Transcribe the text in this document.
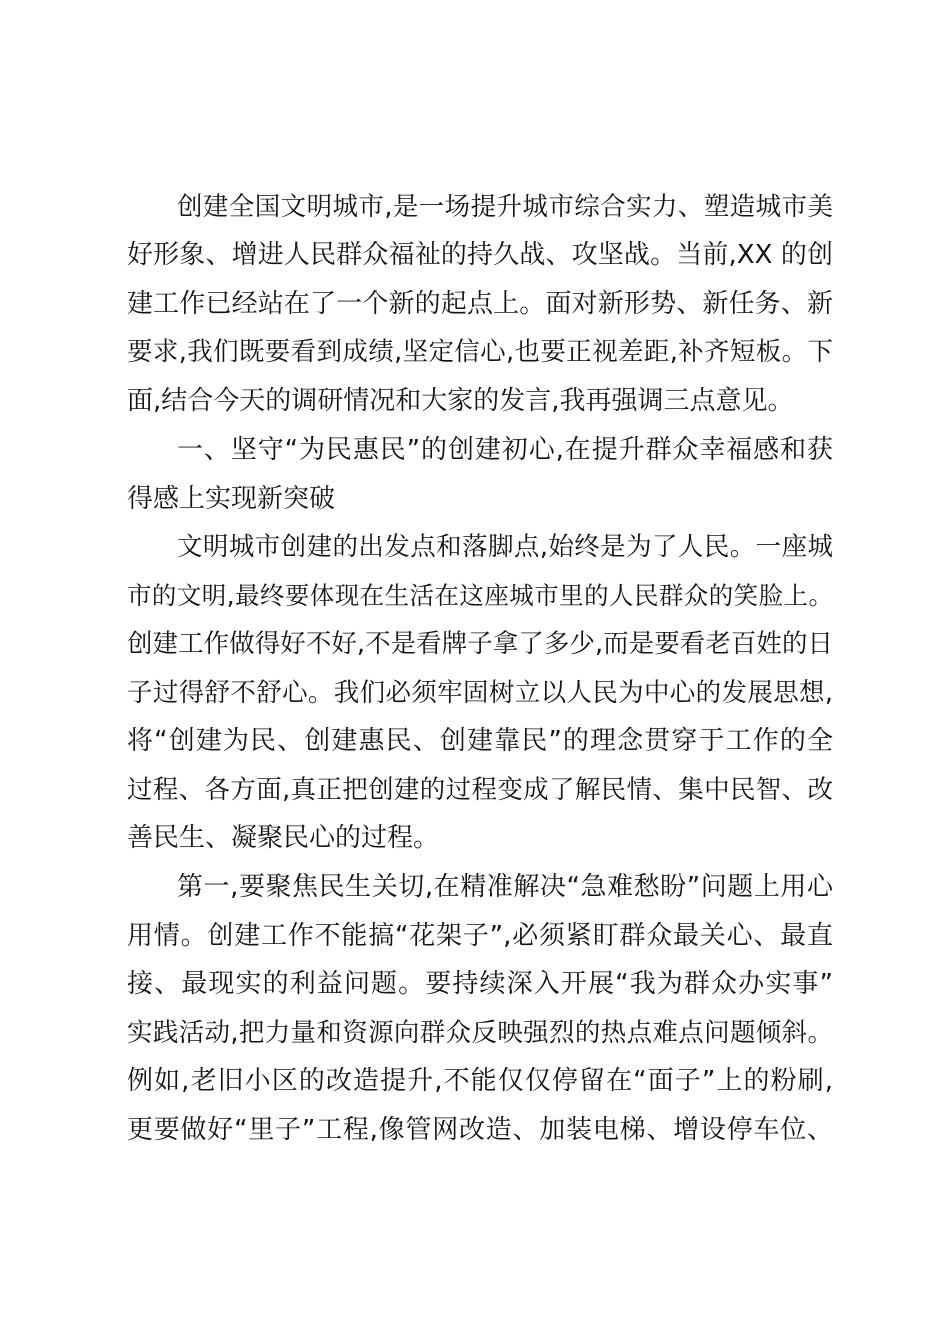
创建全国文明城市,是一场提升城市综合实力、塑造城市美

好形象、增进人民群众福祉的持久战、攻坚战。当前,XX 的创

建工作已经站在了一个新的起点上。面对新形势、新任务、新

要求,我们既要看到成绩,坚定信心,也要正视差距,补齐短板。下

面,结合今天的调研情况和大家的发言,我再强调三点意见。

一、坚守“为民惠民”的创建初心,在提升群众幸福感和获

得感上实现新突破

文明城市创建的出发点和落脚点,始终是为了人民。一座城

市的文明,最终要体现在生活在这座城市里的人民群众的笑脸上。

创建工作做得好不好,不是看牌子拿了多少,而是要看老百姓的日

子过得舒不舒心。我们必须牢固树立以人民为中心的发展思想,

将“创建为民、创建惠民、创建靠民”的理念贯穿于工作的全

过程、各方面,真正把创建的过程变成了解民情、集中民智、改

善民生、凝聚民心的过程。

第一,要聚焦民生关切,在精准解决“急难愁盼”问题上用心

用情。创建工作不能搞“花架子”,必须紧盯群众最关心、最直

接、最现实的利益问题。要持续深入开展“我为群众办实事”

实践活动,把力量和资源向群众反映强烈的热点难点问题倾斜。

例如,老旧小区的改造提升,不能仅仅停留在“面子”上的粉刷,

更要做好“里子”工程,像管网改造、加装电梯、增设停车位、
